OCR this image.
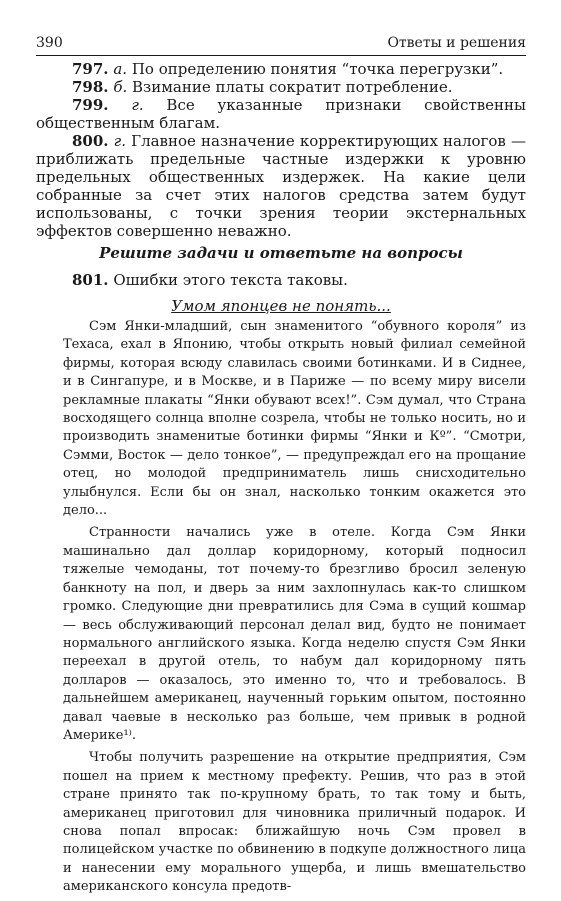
390	Ответы и решения

797. а. По определению понятия “точка перегрузки”.

798. б. Взимание платы сократит потребление.

799. г. Все указанные признаки свойственны общественным благам.

800. г. Главное назначение корректирующих налогов — приближать предельные частные издержки к уровню предельных общественных издержек. На какие цели собранные за счет этих налогов средства затем будут использованы, с точки зрения теории экстернальных эффектов совершенно неважно.

Решите задачи и ответьте на вопросы
801. Ошибки этого текста таковы.
Умом японцев не понять...

Сэм Янки-младший, сын знаменитого “обувного короля” из Техаса, ехал в Японию, чтобы открыть новый филиал семейной фирмы, которая всюду славилась своими ботинками. И в Сиднее, и в Сингапуре, и в Москве, и в Париже — по всему миру висели рекламные плакаты “Янки обувают всех!”. Сэм думал, что Страна восходящего солнца вполне созрела, чтобы не только носить, но и производить знаменитые ботинки фирмы “Янки и Кº”. “Смотри, Сэмми, Восток — дело тонкое”, — предупреждал его на прощание отец, но молодой предприниматель лишь снисходительно улыбнулся. Если бы он знал, насколько тонким окажется это дело...

Странности начались уже в отеле. Когда Сэм Янки машинально дал доллар коридорному, который подносил тяжелые чемоданы, тот почему-то брезгливо бросил зеленую банкноту на пол, и дверь за ним захлопнулась как-то слишком громко. Следующие дни превратились для Сэма в сущий кошмар — весь обслуживающий персонал делал вид, будто не понимает нормального английского языка. Когда неделю спустя Сэм Янки переехал в другой отель, то набум дал коридорному пять долларов — оказалось, это именно то, что и требовалось. В дальнейшем американец, наученный горьким опытом, постоянно давал чаевые в несколько раз больше, чем привык в родной Америке¹⁾.

Чтобы получить разрешение на открытие предприятия, Сэм пошел на прием к местному префекту. Решив, что раз в этой стране принято так по-крупному брать, то так тому и быть, американец приготовил для чиновника приличный подарок. И снова попал впросак: ближайшую ночь Сэм провел в полицейском участке по обвинению в подкупе должностного лица и нанесении ему морального ущерба, и лишь вмешательство американского консула предотв-
